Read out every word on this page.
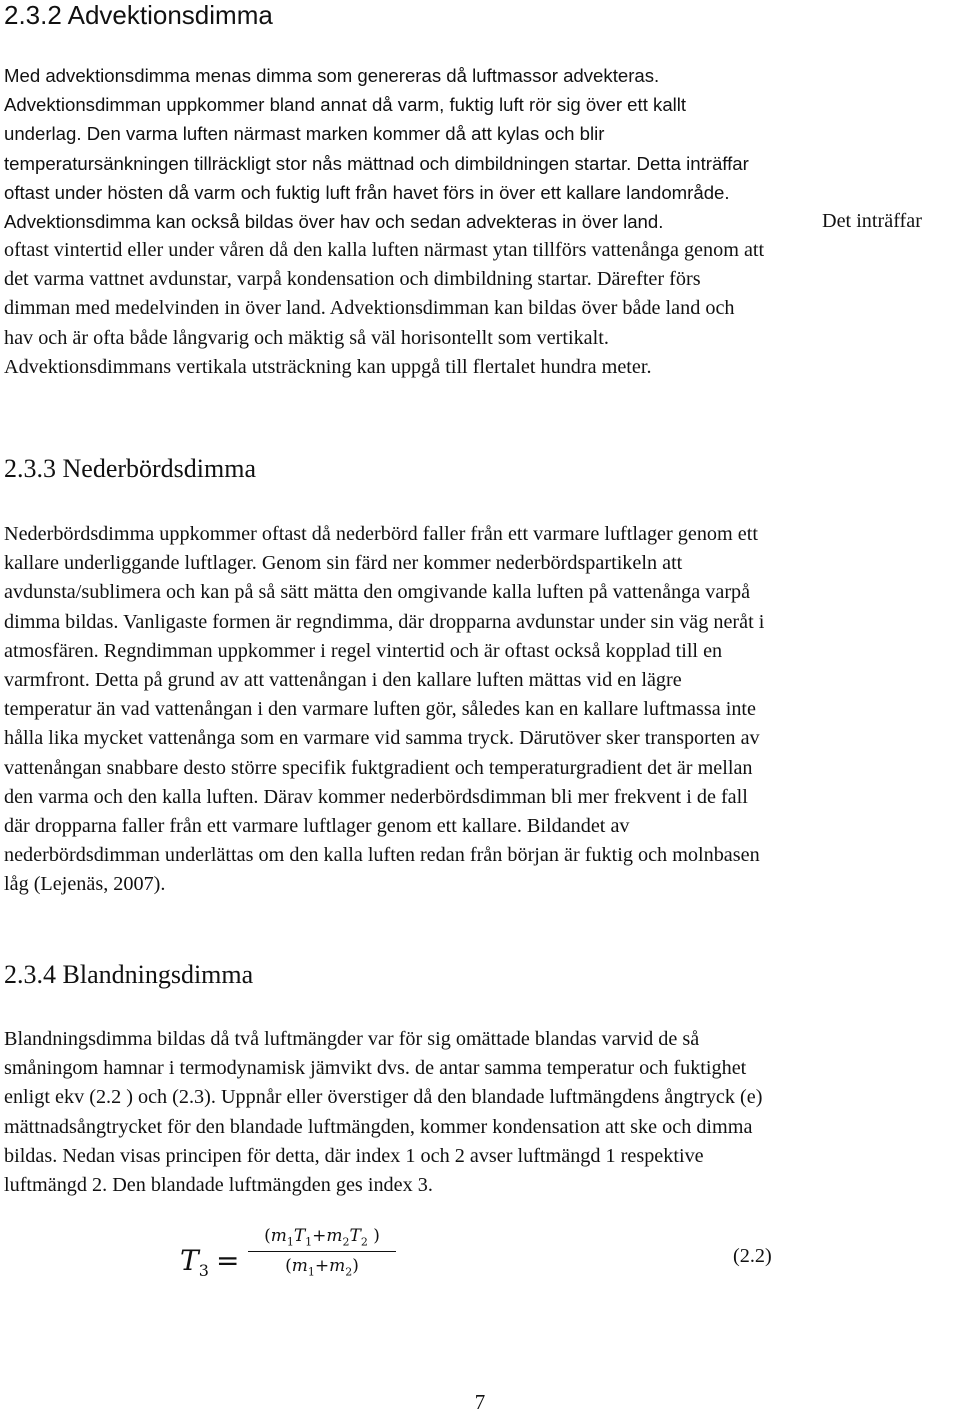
2.3.2 Advektionsdimma

Med advektionsdimma menas dimma som genereras då luftmassor advekteras.
Advektionsdimman uppkommer bland annat då varm, fuktig luft rör sig över ett kallt
underlag. Den varma luften närmast marken kommer då att kylas och blir
temperatursänkningen tillräckligt stor nås mättnad och dimbildningen startar. Detta inträffar
oftast under hösten då varm och fuktig luft från havet förs in över ett kallare landområde.
Advektionsdimma kan också bildas över hav och sedan advekteras in över land.	Det inträffar

oftast vintertid eller under våren då den kalla luften närmast ytan tillförs vattenånga genom att
det varma vattnet avdunstar, varpå kondensation och dimbildning startar. Därefter förs
dimman med medelvinden in över land. Advektionsdimman kan bildas över både land och
hav och är ofta både långvarig och mäktig så väl horisontellt som vertikalt.
Advektionsdimmans vertikala utsträckning kan uppgå till flertalet hundra meter.

2.3.3 Nederbördsdimma

Nederbördsdimma uppkommer oftast då nederbörd faller från ett varmare luftlager genom ett
kallare underliggande luftlager. Genom sin färd ner kommer nederbördspartikeln att
avdunsta/sublimera och kan på så sätt mätta den omgivande kalla luften på vattenånga varpå
dimma bildas. Vanligaste formen är regndimma, där dropparna avdunstar under sin väg neråt i
atmosfären. Regndimman uppkommer i regel vintertid och är oftast också kopplad till en
varmfront. Detta på grund av att vattenångan i den kallare luften mättas vid en lägre
temperatur än vad vattenångan i den varmare luften gör, således kan en kallare luftmassa inte
hålla lika mycket vattenånga som en varmare vid samma tryck. Därutöver sker transporten av
vattenångan snabbare desto större specifik fuktgradient och temperaturgradient det är mellan
den varma och den kalla luften. Därav kommer nederbördsdimman bli mer frekvent i de fall
där dropparna faller från ett varmare luftlager genom ett kallare. Bildandet av
nederbördsdimman underlättas om den kalla luften redan från början är fuktig och molnbasen
låg (Lejenäs, 2007).

2.3.4 Blandningsdimma

Blandningsdimma bildas då två luftmängder var för sig omättade blandas varvid de så
småningom hamnar i termodynamisk jämvikt dvs. de antar samma temperatur och fuktighet
enligt ekv (2.2 ) och (2.3). Uppnår eller överstiger då den blandade luftmängdens ångtryck (e)
mättnadsångtrycket för den blandade luftmängden, kommer kondensation att ske och dimma
bildas. Nedan visas principen för detta, där index 1 och 2 avser luftmängd 1 respektive
luftmängd 2. Den blandade luftmängden ges index 3.

$T_3 = \frac{(m_1T_1+m_2T_2 )}{(m_1+m_2)}$	(2.2)
7
